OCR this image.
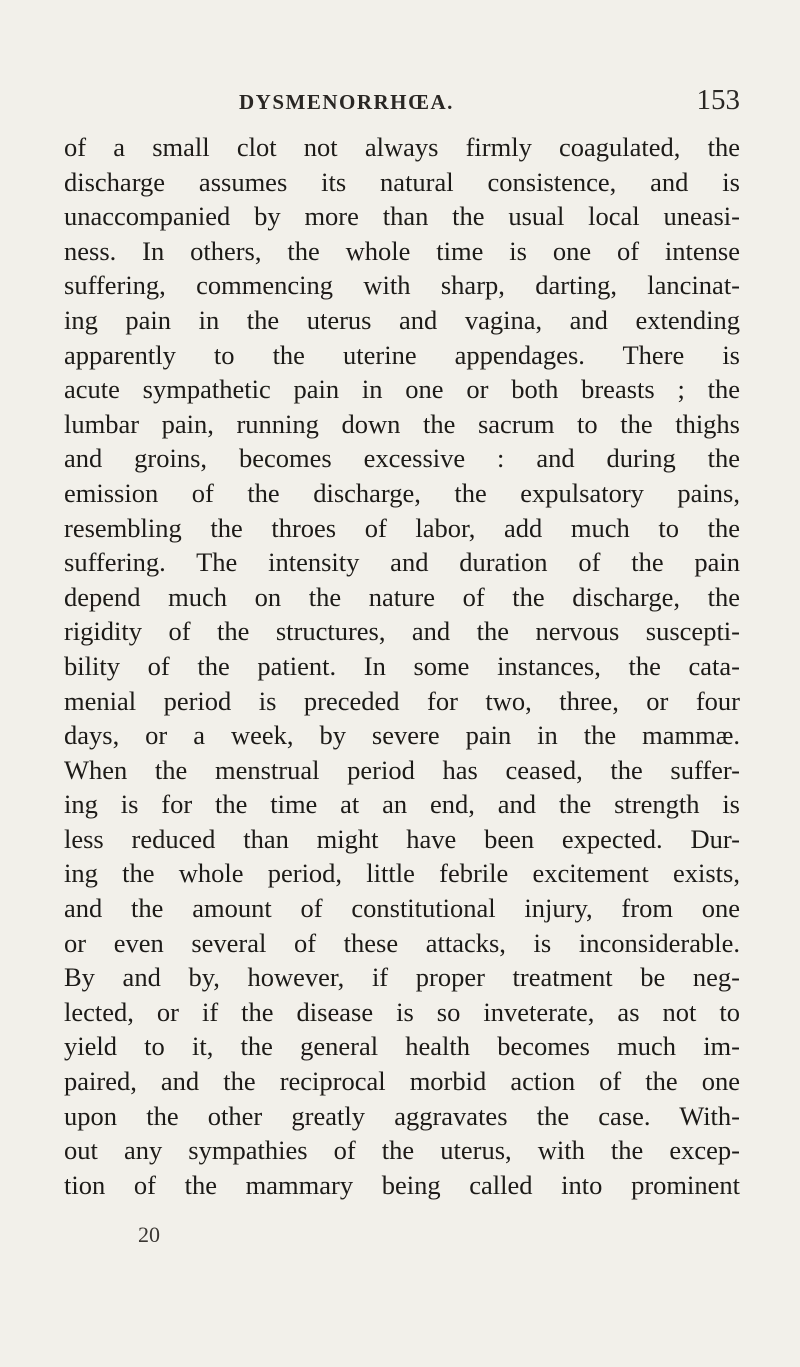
DYSMENORRHŒA.	153
of a small clot not always firmly coagulated, the
discharge assumes its natural consistence, and is
unaccompanied by more than the usual local uneasi-
ness. In others, the whole time is one of intense
suffering, commencing with sharp, darting, lancinat-
ing pain in the uterus and vagina, and extending
apparently to the uterine appendages. There is
acute sympathetic pain in one or both breasts ; the
lumbar pain, running down the sacrum to the thighs
and groins, becomes excessive : and during the
emission of the discharge, the expulsatory pains,
resembling the throes of labor, add much to the
suffering. The intensity and duration of the pain
depend much on the nature of the discharge, the
rigidity of the structures, and the nervous suscepti-
bility of the patient. In some instances, the cata-
menial period is preceded for two, three, or four
days, or a week, by severe pain in the mammæ.
When the menstrual period has ceased, the suffer-
ing is for the time at an end, and the strength is
less reduced than might have been expected. Dur-
ing the whole period, little febrile excitement exists,
and the amount of constitutional injury, from one
or even several of these attacks, is inconsiderable.
By and by, however, if proper treatment be neg-
lected, or if the disease is so inveterate, as not to
yield to it, the general health becomes much im-
paired, and the reciprocal morbid action of the one
upon the other greatly aggravates the case. With-
out any sympathies of the uterus, with the excep-
tion of the mammary being called into prominent
20
